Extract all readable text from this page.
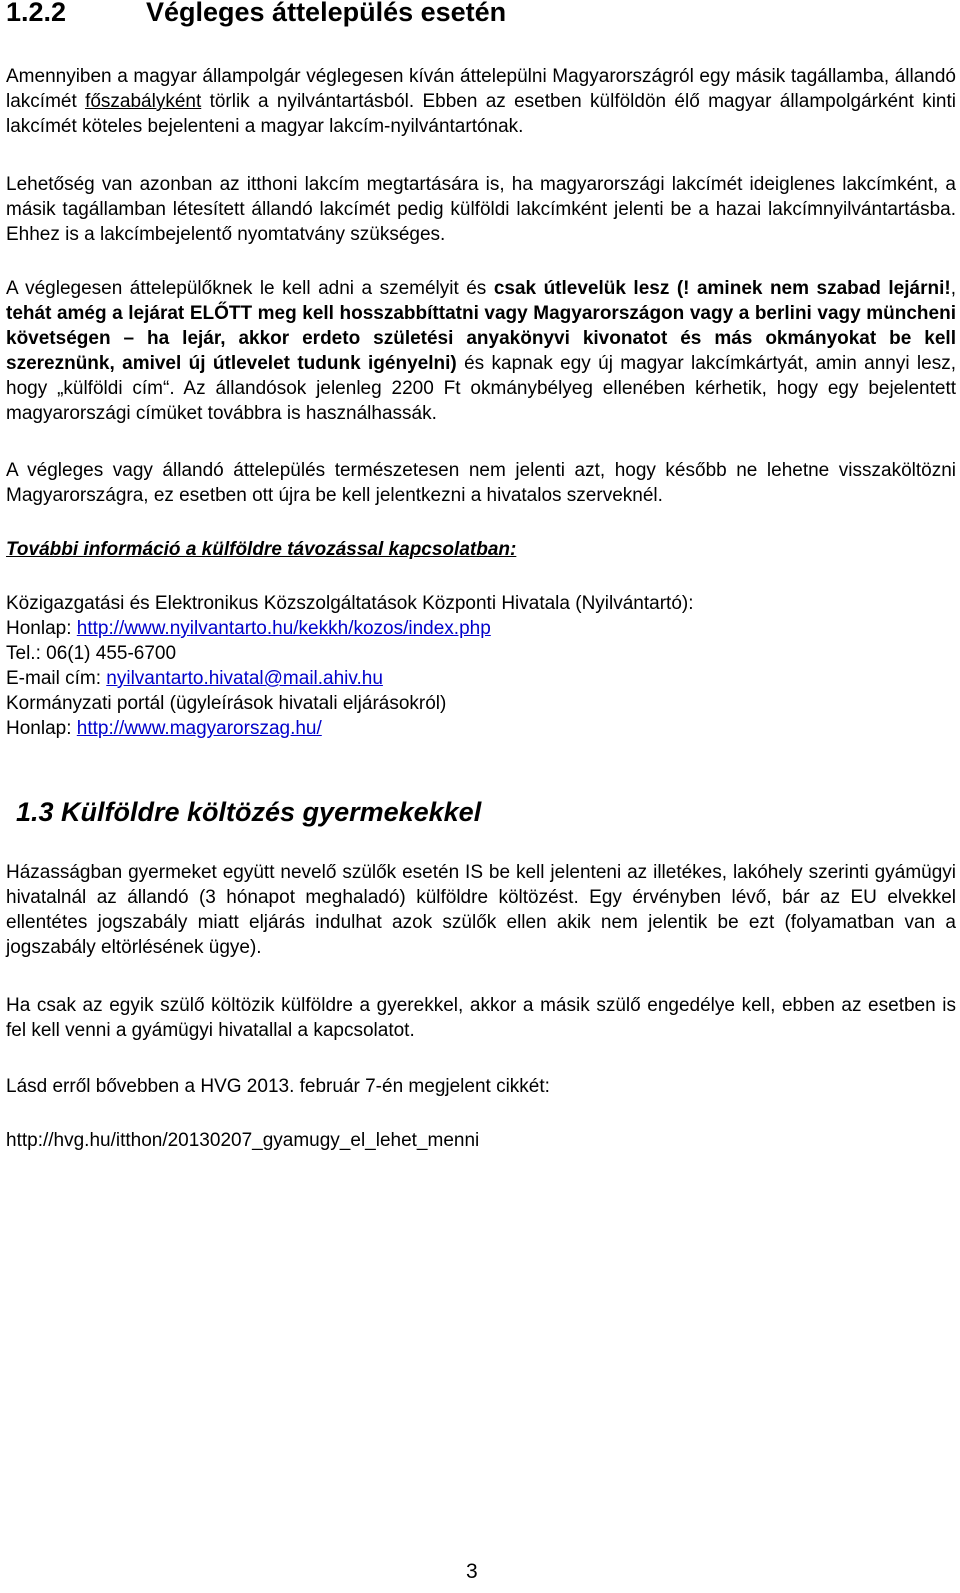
1.2.2	Végleges áttelepülés esetén

Amennyiben a magyar állampolgár véglegesen kíván áttelepülni Magyarországról egy másik tagállamba, állandó lakcímét főszabályként törlik a nyilvántartásból. Ebben az esetben külföldön élő magyar állampolgárként kinti lakcímét köteles bejelenteni a magyar lakcím-nyilvántartónak.

Lehetőség van azonban az itthoni lakcím megtartására is, ha magyarországi lakcímét ideiglenes lakcímként, a másik tagállamban létesített állandó lakcímét pedig külföldi lakcímként jelenti be a hazai lakcímnyilvántartásba. Ehhez is a lakcímbejelentő nyomtatvány szükséges.

A véglegesen áttelepülőknek le kell adni a személyit és csak útlevelük lesz (! aminek nem szabad lejárni!, tehát amég a lejárat ELŐTT meg kell hosszabbíttatni vagy Magyarországon vagy a berlini vagy müncheni követségen – ha lejár, akkor erdeto születési anyakönyvi kivonatot és más okmányokat be kell szereznünk, amivel új útlevelet tudunk igényelni) és kapnak egy új magyar lakcímkártyát, amin annyi lesz, hogy „külföldi cím“. Az állandósok jelenleg 2200 Ft okmánybélyeg ellenében kérhetik, hogy egy bejelentett magyarországi címüket továbbra is használhassák.

A végleges vagy állandó áttelepülés természetesen nem jelenti azt, hogy később ne lehetne visszaköltözni Magyarországra, ez esetben ott újra be kell jelentkezni a hivatalos szerveknél.

További információ a külföldre távozással kapcsolatban:

Közigazgatási és Elektronikus Közszolgáltatások Központi Hivatala (Nyilvántartó):

Honlap: http://www.nyilvantarto.hu/kekkh/kozos/index.php

Tel.: 06(1) 455-6700

E-mail cím: nyilvantarto.hivatal@mail.ahiv.hu

Kormányzati portál (ügyleírások hivatali eljárásokról)

Honlap: http://www.magyarorszag.hu/

1.3 Külföldre költözés gyermekekkel

Házasságban gyermeket együtt nevelő szülők esetén IS be kell jelenteni az illetékes, lakóhely szerinti gyámügyi hivatalnál az állandó (3 hónapot meghaladó) külföldre költözést. Egy érvényben lévő, bár az EU elvekkel ellentétes jogszabály miatt eljárás indulhat azok szülők ellen akik nem jelentik be ezt (folyamatban van a jogszabály eltörlésének ügye).

Ha csak az egyik szülő költözik külföldre a gyerekkel, akkor a másik szülő engedélye kell, ebben az esetben is fel kell venni a gyámügyi hivatallal a kapcsolatot.

Lásd erről bővebben a HVG 2013. február 7-én megjelent cikkét:

http://hvg.hu/itthon/20130207_gyamugy_el_lehet_menni

3
